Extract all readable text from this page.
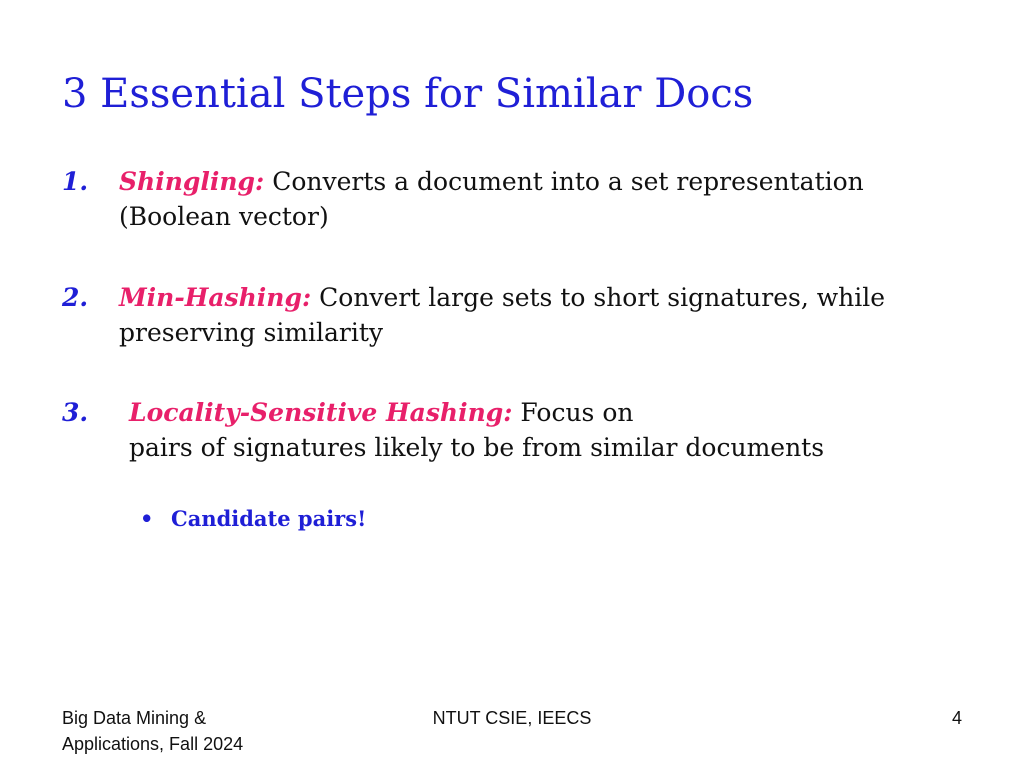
3 Essential Steps for Similar Docs
1. Shingling: Converts a document into a set representation (Boolean vector)
2. Min-Hashing: Convert large sets to short signatures, while preserving similarity
3. Locality-Sensitive Hashing: Focus on
pairs of signatures likely to be from similar documents
• Candidate pairs!
Big Data Mining & Applications, Fall 2024
NTUT CSIE, IEECS	4
